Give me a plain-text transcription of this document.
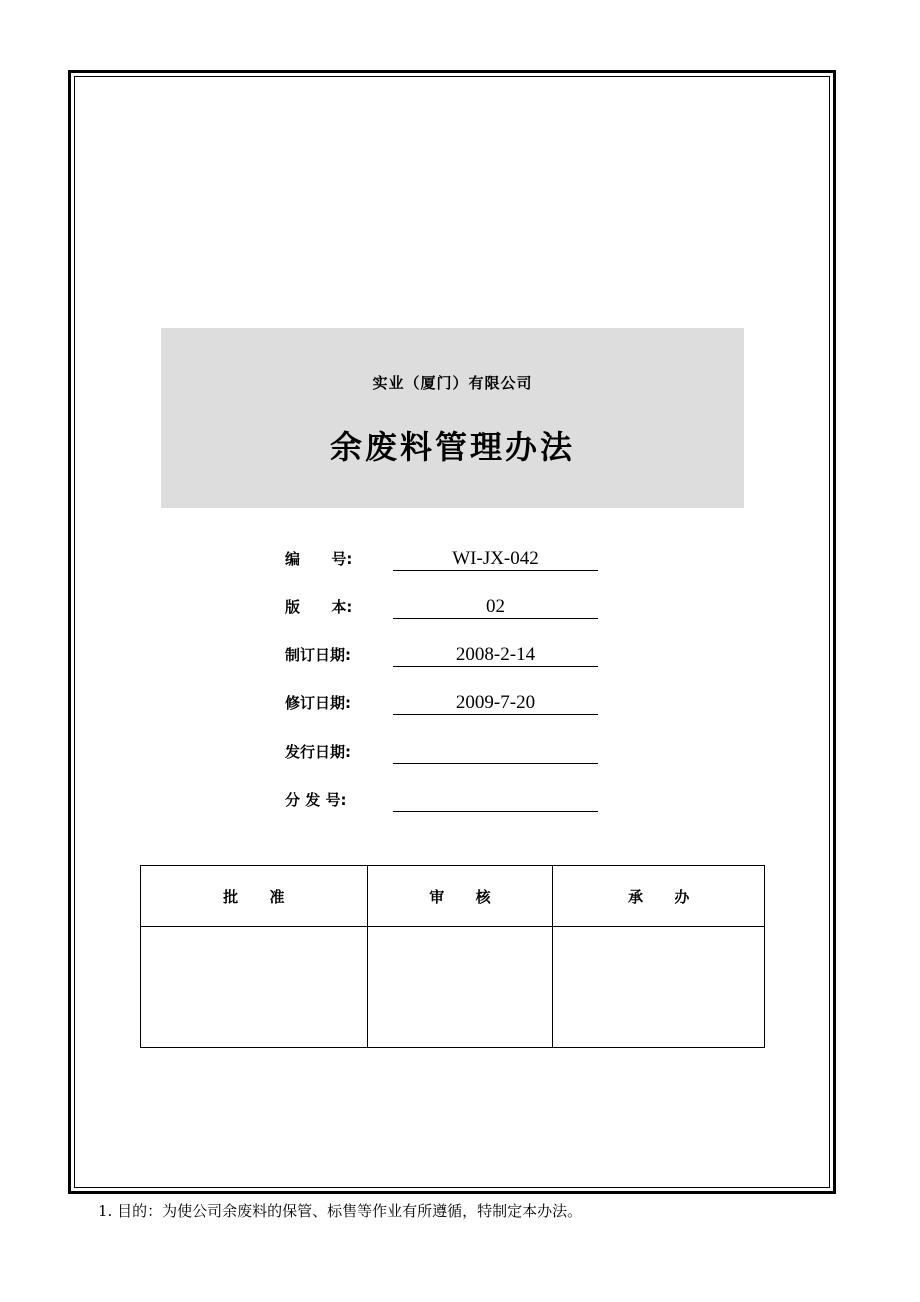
实业（厦门）有限公司
余废料管理办法
编      号:	WI-JX-042
版      本:	02
制订日期:	2008-2-14
修订日期:	2009-7-20
发行日期:
分 发 号:
批      准	审      核	承      办

1. 目的：为使公司余废料的保管、标售等作业有所遵循，特制定本办法。
